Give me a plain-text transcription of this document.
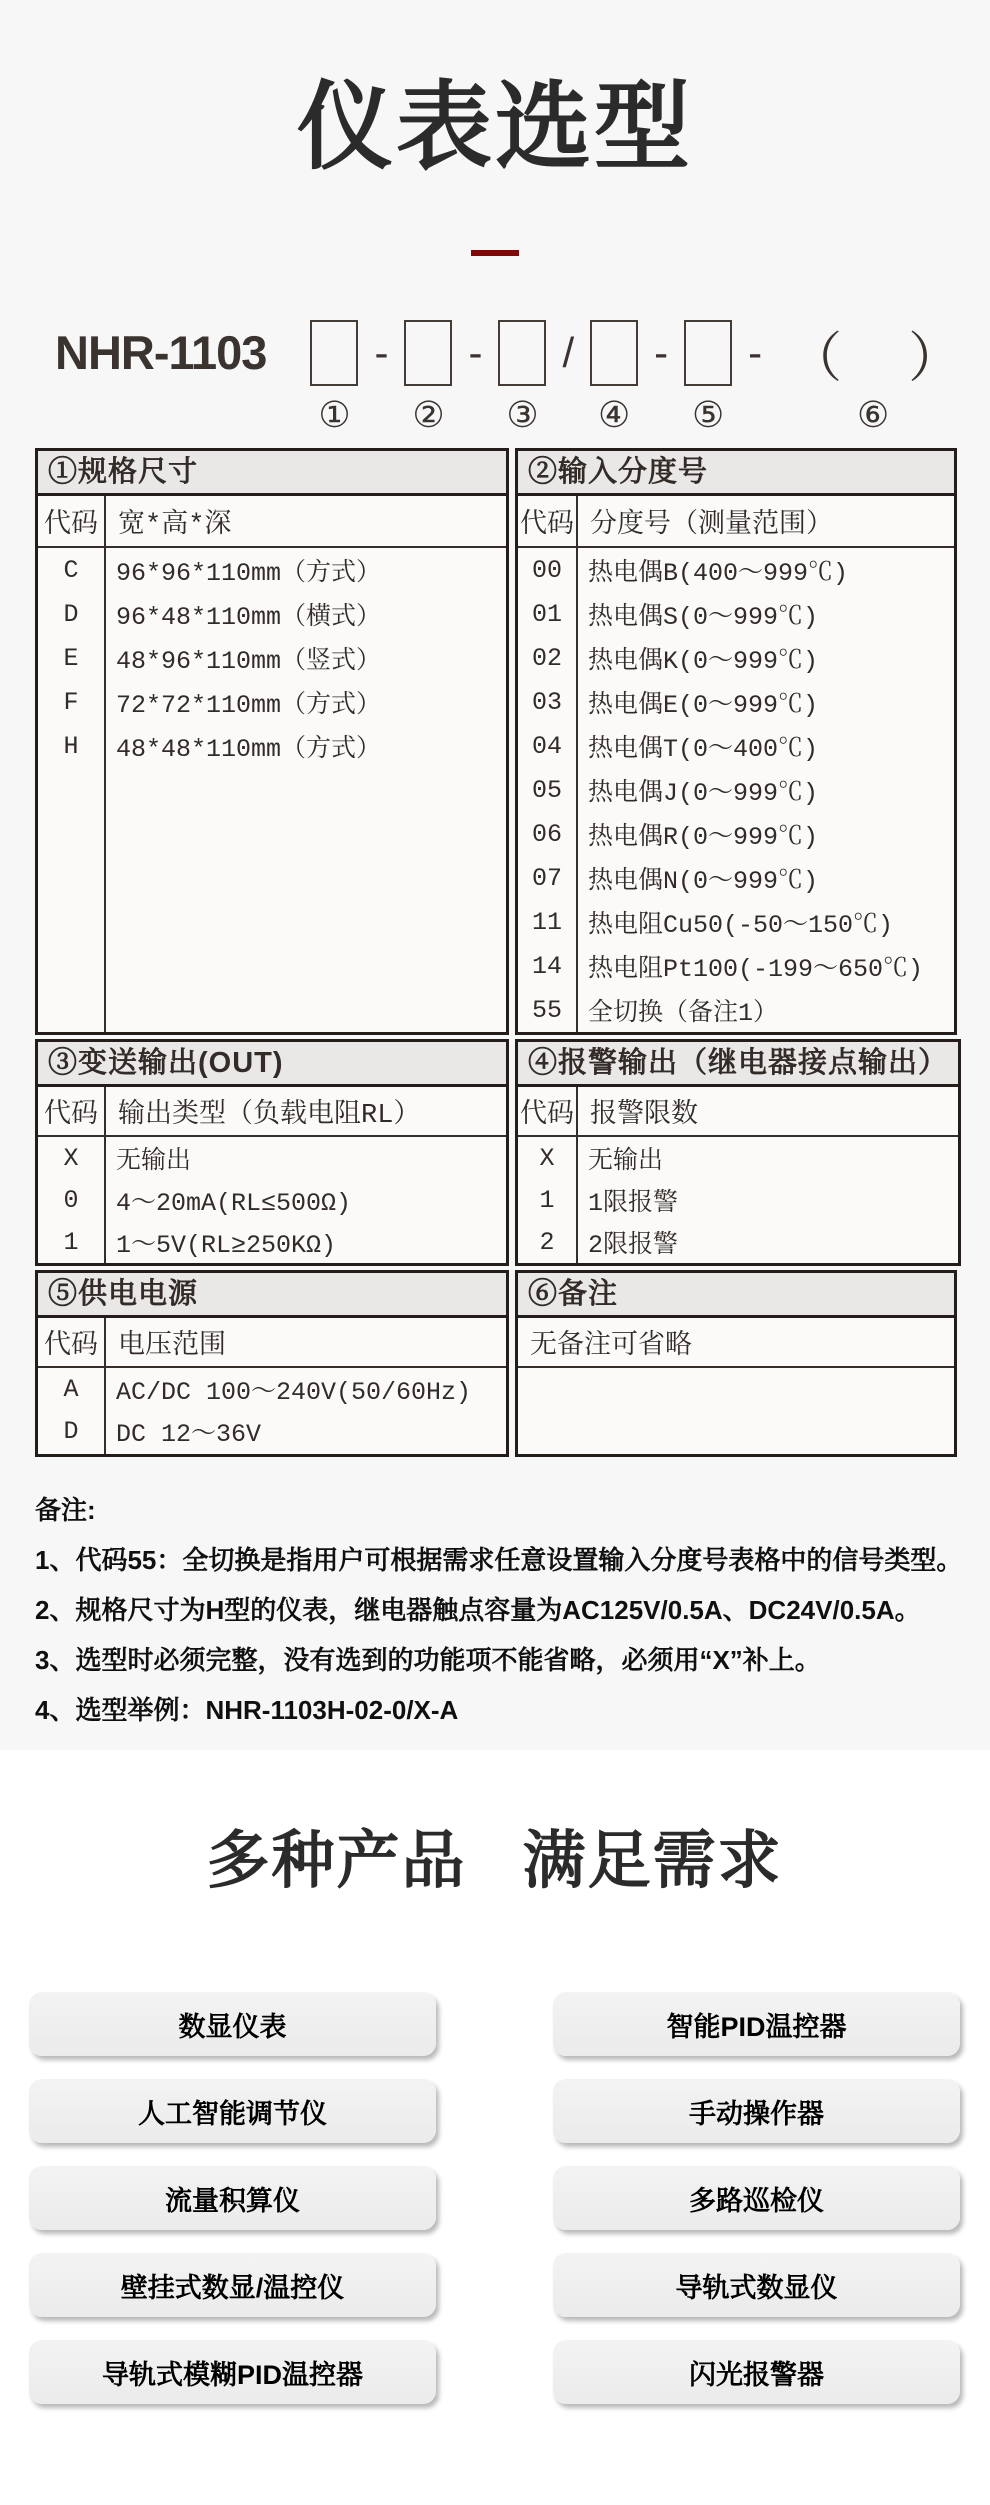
仪表选型
NHR-1103
①
-
②
-
③
/
④
-
⑤
- （　）
⑥
①规格尺寸
代码 宽*高*深
C	96*96*110mm（方式）
D	96*48*110mm（横式）
E	48*96*110mm（竖式）
F	72*72*110mm（方式）
H	48*48*110mm（方式）
②输入分度号
代码 分度号（测量范围）
00	热电偶B(400～999℃)
01	热电偶S(0～999℃)
02	热电偶K(0～999℃)
03	热电偶E(0～999℃)
04	热电偶T(0～400℃)
05	热电偶J(0～999℃)
06	热电偶R(0～999℃)
07	热电偶N(0～999℃)
11	热电阻Cu50(-50～150℃)
14	热电阻Pt100(-199～650℃)
55	全切换（备注1）
③变送输出(OUT)
代码 输出类型（负载电阻RL）
X	无输出
0	4～20mA(RL≤500Ω)
1	1～5V(RL≥250KΩ)
④报警输出（继电器接点输出）
代码 报警限数
X	无输出
1	1限报警
2	2限报警
⑤供电电源
代码 电压范围
A	AC/DC 100～240V(50/60Hz)
D	DC 12～36V
⑥备注
无备注可省略
备注:
1、代码55：全切换是指用户可根据需求任意设置输入分度号表格中的信号类型。
2、规格尺寸为H型的仪表，继电器触点容量为AC125V/0.5A、DC24V/0.5A。
3、选型时必须完整，没有选到的功能项不能省略，必须用“X”补上。
4、选型举例：NHR-1103H-02-0/X-A
多种产品 满足需求
数显仪表	智能PID温控器
人工智能调节仪	手动操作器
流量积算仪	多路巡检仪
壁挂式数显/温控仪	导轨式数显仪
导轨式模糊PID温控器	闪光报警器
